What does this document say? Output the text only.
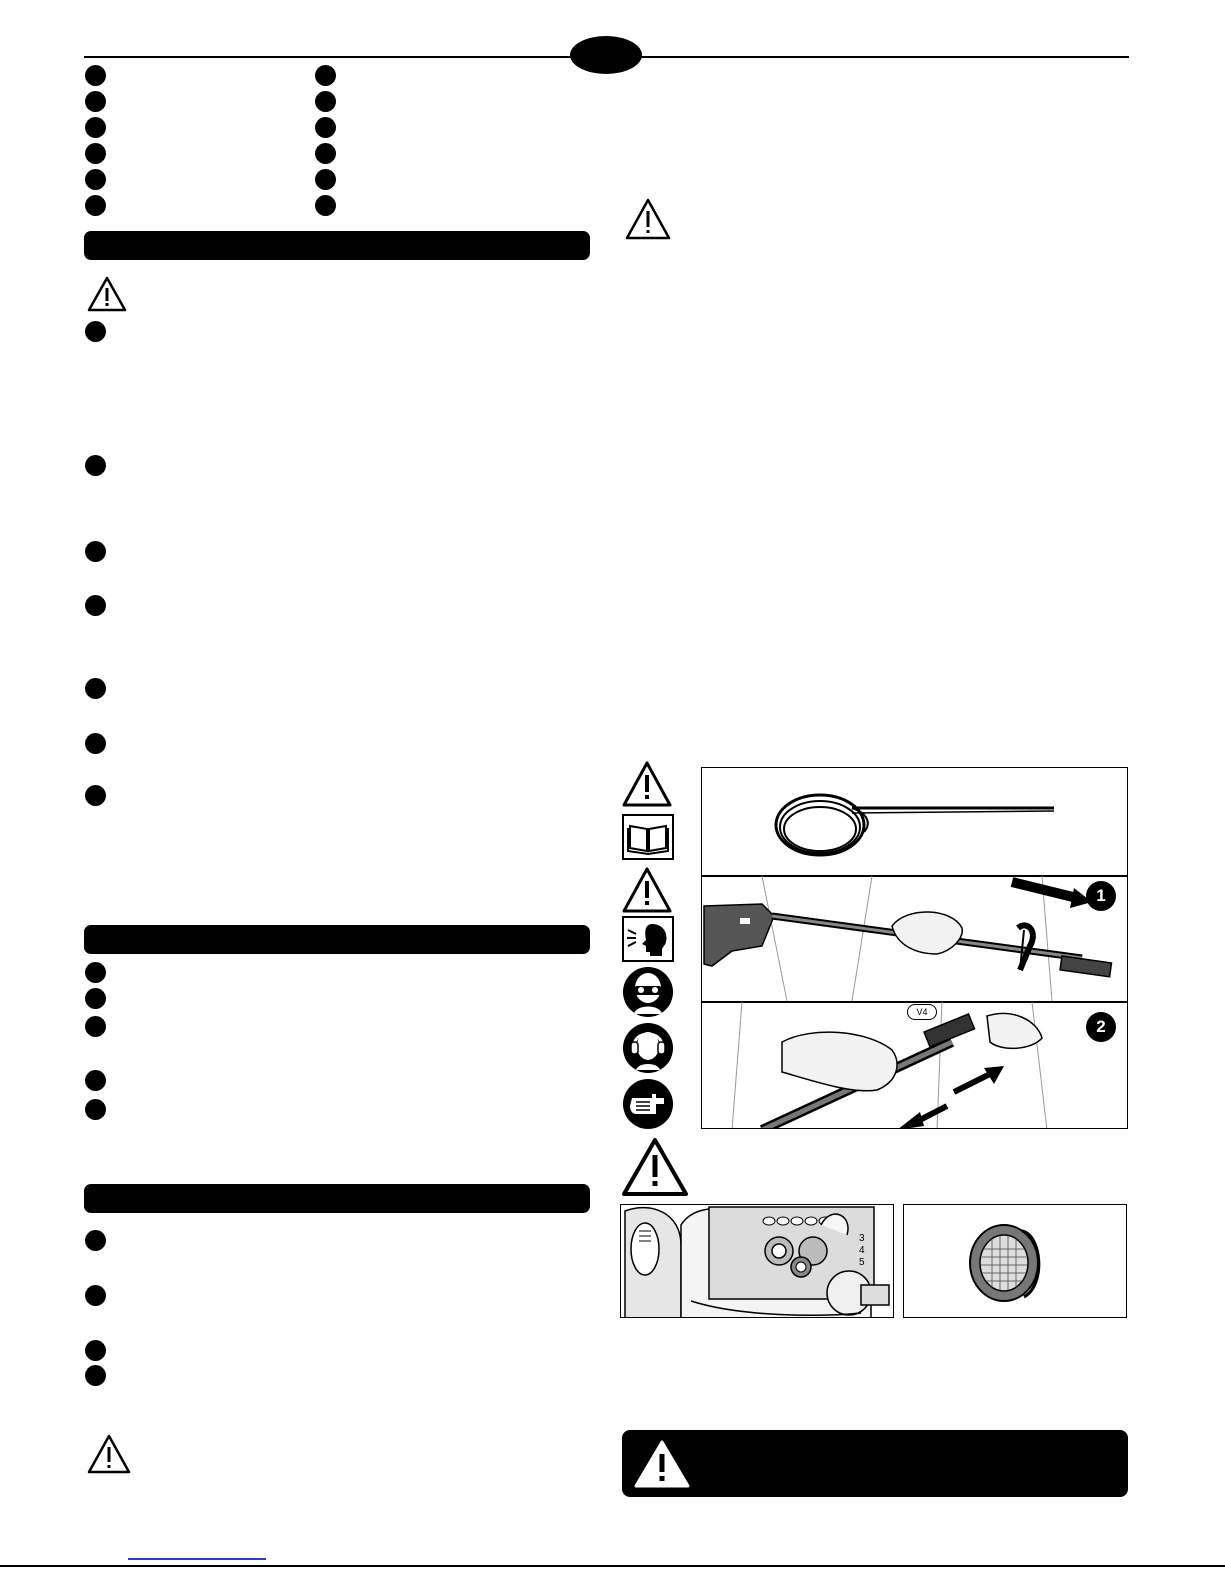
1
V4
2
3
4
5
